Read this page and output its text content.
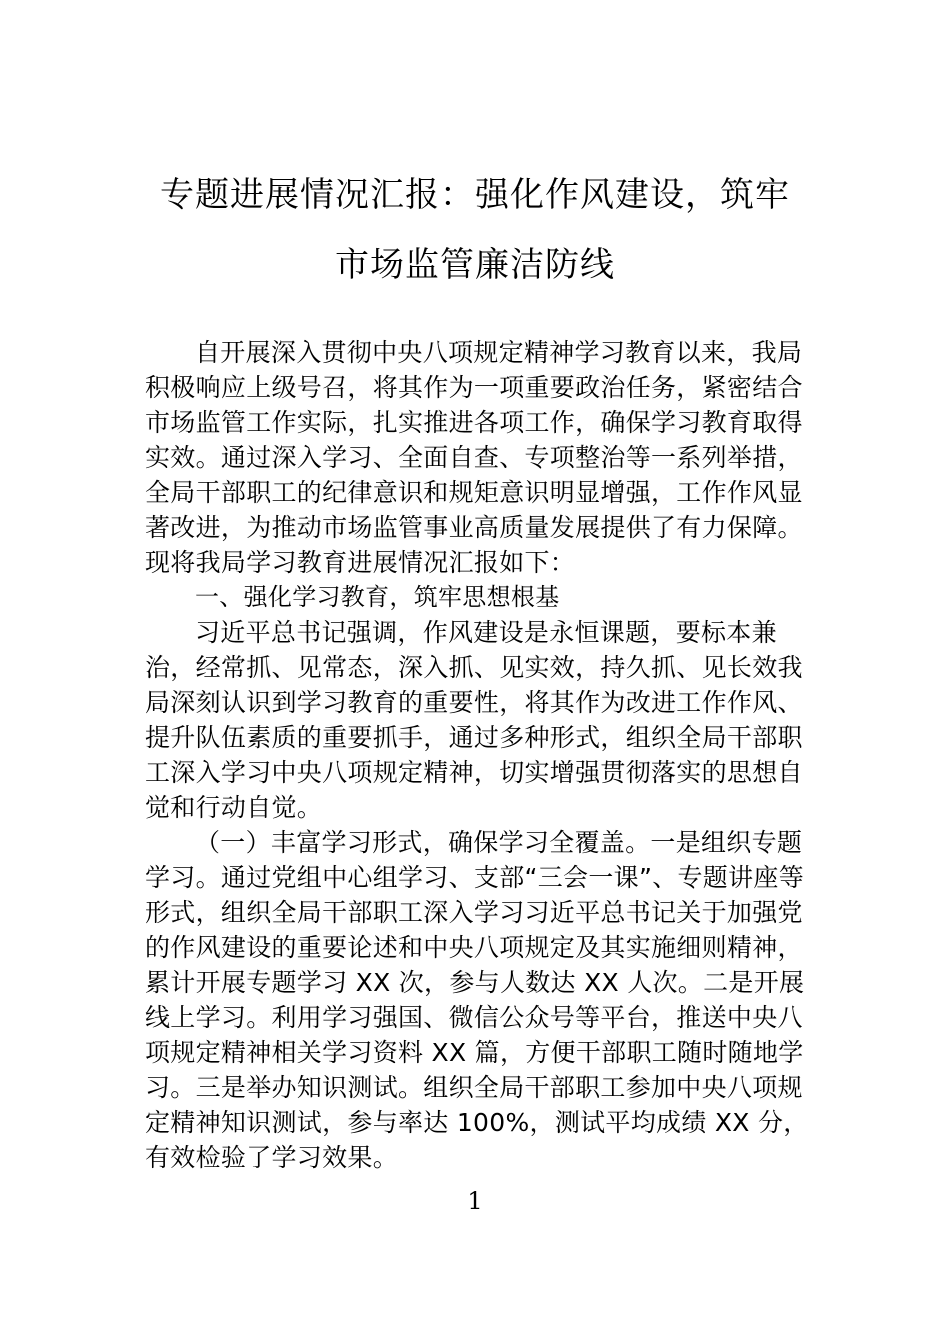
专题进展情况汇报：强化作风建设，筑牢
市场监管廉洁防线

自开展深入贯彻中央八项规定精神学习教育以来，我局积极响应上级号召，将其作为一项重要政治任务，紧密结合市场监管工作实际，扎实推进各项工作，确保学习教育取得实效。通过深入学习、全面自查、专项整治等一系列举措，全局干部职工的纪律意识和规矩意识明显增强，工作作风显著改进，为推动市场监管事业高质量发展提供了有力保障。现将我局学习教育进展情况汇报如下：

一、强化学习教育，筑牢思想根基

习近平总书记强调，作风建设是永恒课题，要标本兼治，经常抓、见常态，深入抓、见实效，持久抓、见长效我局深刻认识到学习教育的重要性，将其作为改进工作作风、提升队伍素质的重要抓手，通过多种形式，组织全局干部职工深入学习中央八项规定精神，切实增强贯彻落实的思想自觉和行动自觉。

（一）丰富学习形式，确保学习全覆盖。一是组织专题学习。通过党组中心组学习、支部“三会一课”、专题讲座等形式，组织全局干部职工深入学习习近平总书记关于加强党的作风建设的重要论述和中央八项规定及其实施细则精神，累计开展专题学习 XX 次，参与人数达 XX 人次。二是开展线上学习。利用学习强国、微信公众号等平台，推送中央八项规定精神相关学习资料 XX 篇，方便干部职工随时随地学习。三是举办知识测试。组织全局干部职工参加中央八项规定精神知识测试，参与率达 100%，测试平均成绩 XX 分，有效检验了学习效果。

1
